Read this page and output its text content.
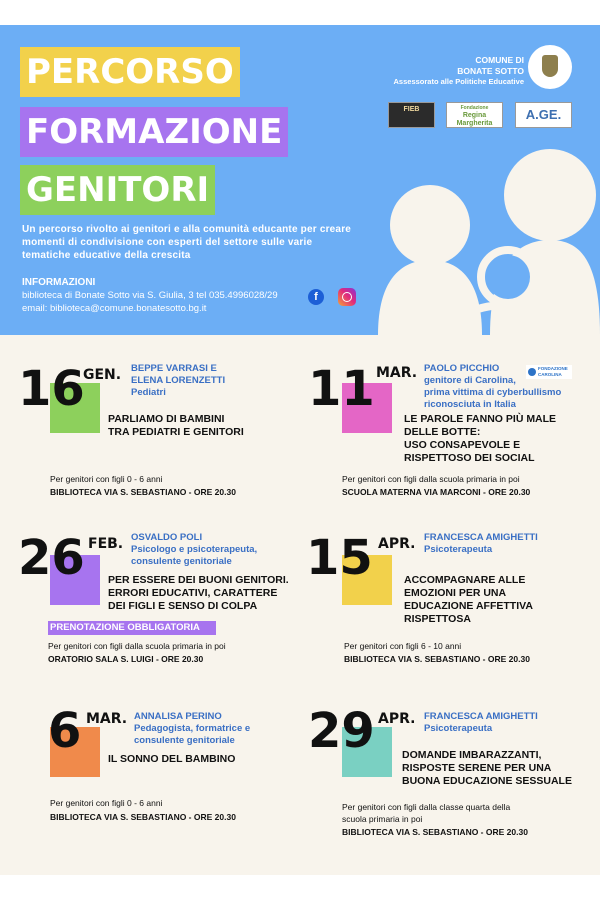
PERCORSO
FORMAZIONE
GENITORI
Un percorso rivolto ai genitori e alla comunità educante per creare momenti di condivisione con esperti del settore sulle varie tematiche educative della crescita
INFORMAZIONI
biblioteca di Bonate Sotto via S. Giulia, 3 tel 035.4996028/29
email: biblioteca@comune.bonatesotto.bg.it
f
COMUNE DI
BONATE SOTTO
Assessorato alle Politiche Educative
FIEB	Fondazione
Regina
Margherita
A.GE.
16
GEN. BEPPE VARRASI E
ELENA LORENZETTI
Pediatri
PARLIAMO DI BAMBINI
TRA PEDIATRI E GENITORI
Per genitori con figli 0 - 6 anni
BIBLIOTECA VIA S. SEBASTIANO - ORE 20.30
11 MAR. PAOLO PICCHIO
genitore di Carolina,
prima vittima di cyberbullismo
riconosciuta in Italia
LE PAROLE FANNO PIÙ MALE
DELLE BOTTE:
USO CONSAPEVOLE E
RISPETTOSO DEI SOCIAL
Per genitori con figli dalla scuola primaria in poi
SCUOLA MATERNA VIA MARCONI - ORE 20.30
26 FEB. OSVALDO POLI
Psicologo e psicoterapeuta,
consulente genitoriale
PER ESSERE DEI BUONI GENITORI.
ERRORI EDUCATIVI, CARATTERE
DEI FIGLI E SENSO DI COLPA
Per genitori con figli dalla scuola primaria in poi
ORATORIO SALA S. LUIGI - ORE 20.30
15 APR. FRANCESCA AMIGHETTI
Psicoterapeuta
ACCOMPAGNARE ALLE
EMOZIONI PER UNA
EDUCAZIONE AFFETTIVA
RISPETTOSA
Per genitori con figli 6 - 10 anni
BIBLIOTECA VIA S. SEBASTIANO - ORE 20.30
6 MAR. ANNALISA PERINO
Pedagogista, formatrice e
consulente genitoriale
IL SONNO DEL BAMBINO
Per genitori con figli 0 - 6 anni
BIBLIOTECA VIA S. SEBASTIANO - ORE 20.30
29 APR. FRANCESCA AMIGHETTI
Psicoterapeuta
DOMANDE IMBARAZZANTI,
RISPOSTE SERENE PER UNA
BUONA EDUCAZIONE SESSUALE
Per genitori con figli dalla classe quarta della
scuola primaria in poi
BIBLIOTECA VIA S. SEBASTIANO - ORE 20.30
PRENOTAZIONE OBBLIGATORIA
FONDAZIONE
CAROLINA
